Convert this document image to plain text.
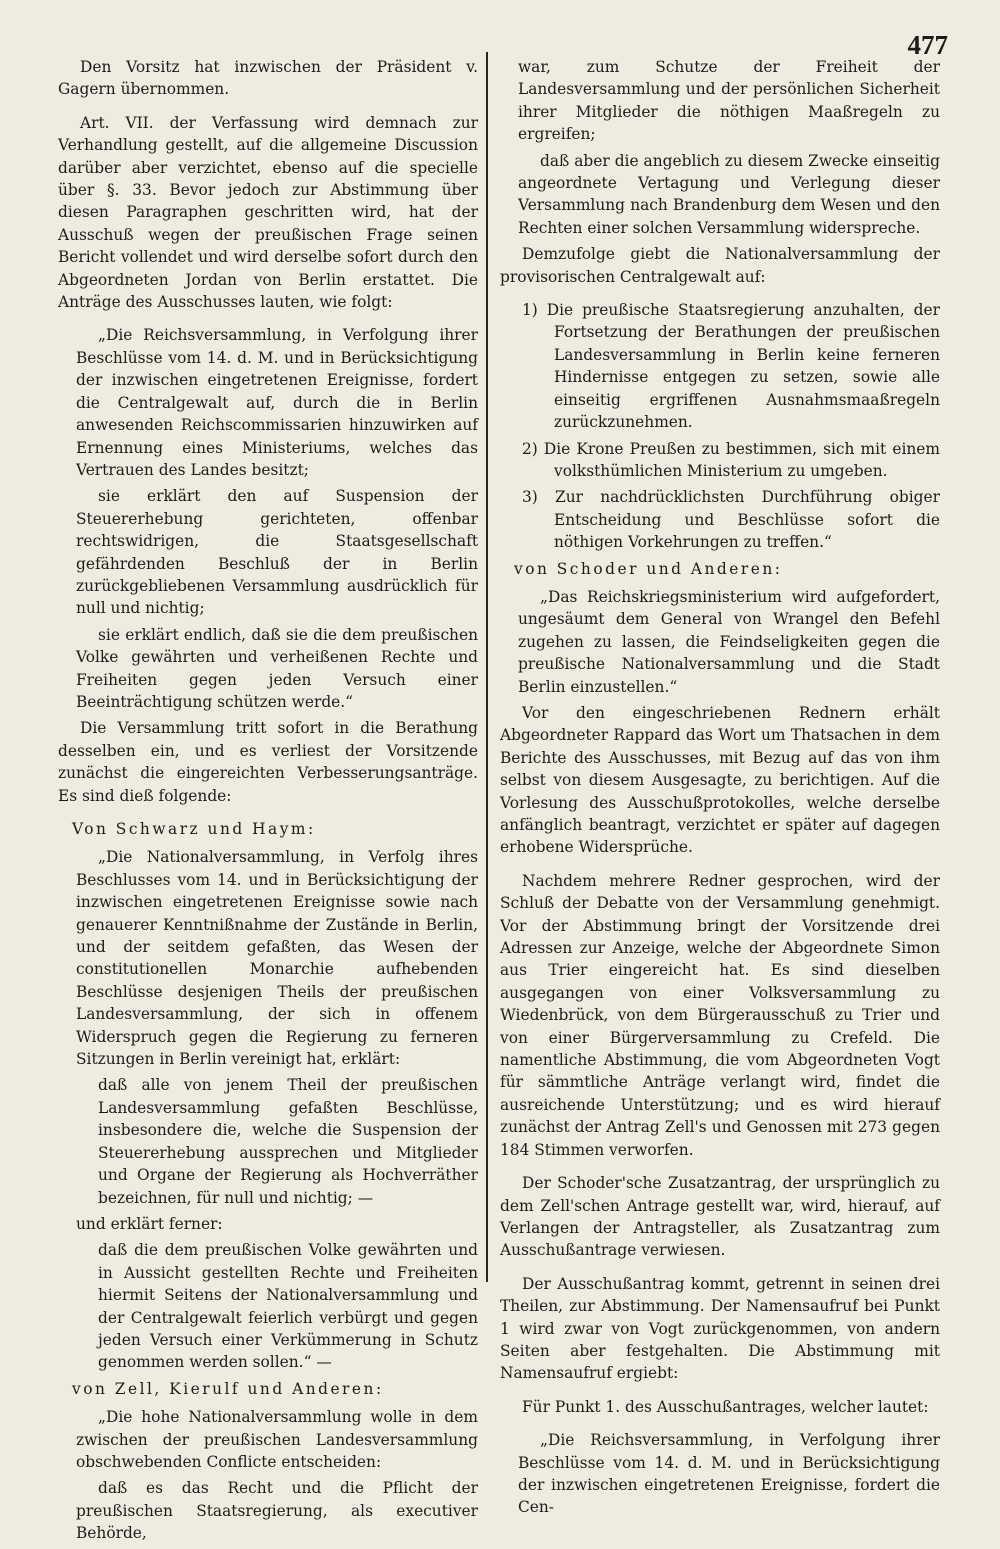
477

Den Vorsitz hat inzwischen der Präsident v. Gagern übernommen.

Art. VII. der Verfassung wird demnach zur Verhandlung gestellt, auf die allgemeine Discussion darüber aber verzichtet, ebenso auf die specielle über §. 33. Bevor jedoch zur Abstimmung über diesen Paragraphen geschritten wird, hat der Ausschuß wegen der preußischen Frage seinen Bericht vollendet und wird derselbe sofort durch den Abgeordneten Jordan von Berlin erstattet. Die Anträge des Ausschusses lauten, wie folgt:

„Die Reichsversammlung, in Verfolgung ihrer Beschlüsse vom 14. d. M. und in Berücksichtigung der inzwischen eingetretenen Ereignisse, fordert die Centralgewalt auf, durch die in Berlin anwesenden Reichscommissarien hinzuwirken auf Ernennung eines Ministeriums, welches das Vertrauen des Landes besitzt;

sie erklärt den auf Suspension der Steuererhebung gerichteten, offenbar rechtswidrigen, die Staatsgesellschaft gefährdenden Beschluß der in Berlin zurückgebliebenen Versammlung ausdrücklich für null und nichtig;

sie erklärt endlich, daß sie die dem preußischen Volke gewährten und verheißenen Rechte und Freiheiten gegen jeden Versuch einer Beeinträchtigung schützen werde.“

Die Versammlung tritt sofort in die Berathung desselben ein, und es verliest der Vorsitzende zunächst die eingereichten Verbesserungsanträge. Es sind dieß folgende:

Von Schwarz und Haym:

„Die Nationalversammlung, in Verfolg ihres Beschlusses vom 14. und in Berücksichtigung der inzwischen eingetretenen Ereignisse sowie nach genauerer Kenntnißnahme der Zustände in Berlin, und der seitdem gefaßten, das Wesen der constitutionellen Monarchie aufhebenden Beschlüsse desjenigen Theils der preußischen Landesversammlung, der sich in offenem Widerspruch gegen die Regierung zu ferneren Sitzungen in Berlin vereinigt hat, erklärt:

daß alle von jenem Theil der preußischen Landesversammlung gefaßten Beschlüsse, insbesondere die, welche die Suspension der Steuererhebung aussprechen und Mitglieder und Organe der Regierung als Hochverräther bezeichnen, für null und nichtig; —

und erklärt ferner:

daß die dem preußischen Volke gewährten und in Aussicht gestellten Rechte und Freiheiten hiermit Seitens der Nationalversammlung und der Centralgewalt feierlich verbürgt und gegen jeden Versuch einer Verkümmerung in Schutz genommen werden sollen.“ —

von Zell, Kierulf und Anderen:

„Die hohe Nationalversammlung wolle in dem zwischen der preußischen Landesversammlung obschwebenden Conflicte entscheiden:

daß es das Recht und die Pflicht der preußischen Staatsregierung, als executiver Behörde,

war, zum Schutze der Freiheit der Landesversammlung und der persönlichen Sicherheit ihrer Mitglieder die nöthigen Maaßregeln zu ergreifen;

daß aber die angeblich zu diesem Zwecke einseitig angeordnete Vertagung und Verlegung dieser Versammlung nach Brandenburg dem Wesen und den Rechten einer solchen Versammlung widerspreche.

Demzufolge giebt die Nationalversammlung der provisorischen Centralgewalt auf:

1) Die preußische Staatsregierung anzuhalten, der Fortsetzung der Berathungen der preußischen Landesversammlung in Berlin keine ferneren Hindernisse entgegen zu setzen, sowie alle einseitig ergriffenen Ausnahmsmaaßregeln zurückzunehmen.

2) Die Krone Preußen zu bestimmen, sich mit einem volksthümlichen Ministerium zu umgeben.

3) Zur nachdrücklichsten Durchführung obiger Entscheidung und Beschlüsse sofort die nöthigen Vorkehrungen zu treffen.“

von Schoder und Anderen:

„Das Reichskriegsministerium wird aufgefordert, ungesäumt dem General von Wrangel den Befehl zugehen zu lassen, die Feindseligkeiten gegen die preußische Nationalversammlung und die Stadt Berlin einzustellen.“

Vor den eingeschriebenen Rednern erhält Abgeordneter Rappard das Wort um Thatsachen in dem Berichte des Ausschusses, mit Bezug auf das von ihm selbst von diesem Ausgesagte, zu berichtigen. Auf die Vorlesung des Ausschußprotokolles, welche derselbe anfänglich beantragt, verzichtet er später auf dagegen erhobene Widersprüche.

Nachdem mehrere Redner gesprochen, wird der Schluß der Debatte von der Versammlung genehmigt. Vor der Abstimmung bringt der Vorsitzende drei Adressen zur Anzeige, welche der Abgeordnete Simon aus Trier eingereicht hat. Es sind dieselben ausgegangen von einer Volksversammlung zu Wiedenbrück, von dem Bürgerausschuß zu Trier und von einer Bürgerversammlung zu Crefeld. Die namentliche Abstimmung, die vom Abgeordneten Vogt für sämmtliche Anträge verlangt wird, findet die ausreichende Unterstützung; und es wird hierauf zunächst der Antrag Zell's und Genossen mit 273 gegen 184 Stimmen verworfen.

Der Schoder'sche Zusatzantrag, der ursprünglich zu dem Zell'schen Antrage gestellt war, wird, hierauf, auf Verlangen der Antragsteller, als Zusatzantrag zum Ausschußantrage verwiesen.

Der Ausschußantrag kommt, getrennt in seinen drei Theilen, zur Abstimmung. Der Namensaufruf bei Punkt 1 wird zwar von Vogt zurückgenommen, von andern Seiten aber festgehalten. Die Abstimmung mit Namensaufruf ergiebt:

Für Punkt 1. des Ausschußantrages, welcher lautet:

„Die Reichsversammlung, in Verfolgung ihrer Beschlüsse vom 14. d. M. und in Berücksichtigung der inzwischen eingetretenen Ereignisse, fordert die Cen-
